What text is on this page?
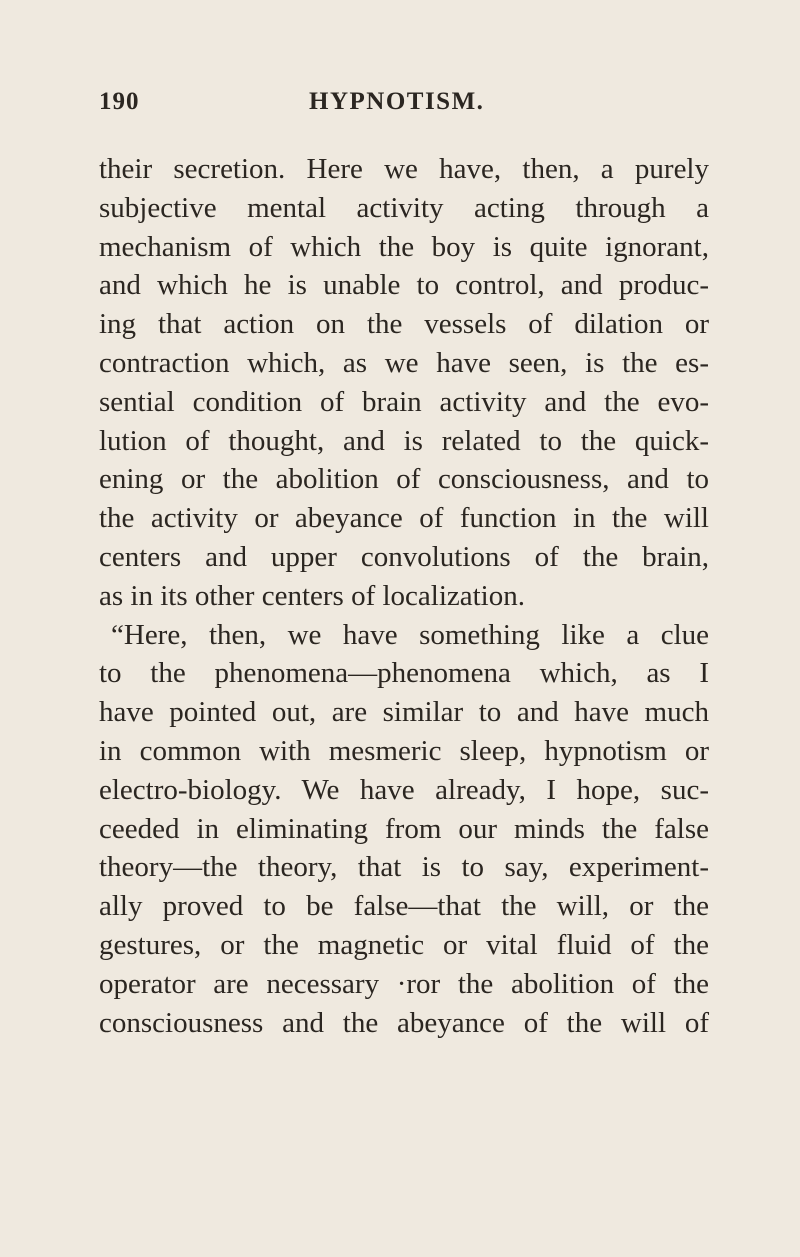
190	HYPNOTISM.
their secretion. Here we have, then, a purely
subjective mental activity acting through a
mechanism of which the boy is quite ignorant,
and which he is unable to control, and produc-
ing that action on the vessels of dilation or
contraction which, as we have seen, is the es-
sential condition of brain activity and the evo-
lution of thought, and is related to the quick-
ening or the abolition of consciousness, and to
the activity or abeyance of function in the will
centers and upper convolutions of the brain,
as in its other centers of localization.
“Here, then, we have something like a clue
to the phenomena—phenomena which, as I
have pointed out, are similar to and have much
in common with mesmeric sleep, hypnotism or
electro-biology. We have already, I hope, suc-
ceeded in eliminating from our minds the false
theory—the theory, that is to say, experiment-
ally proved to be false—that the will, or the
gestures, or the magnetic or vital fluid of the
operator are necessary ·ror the abolition of the
consciousness and the abeyance of the will of
